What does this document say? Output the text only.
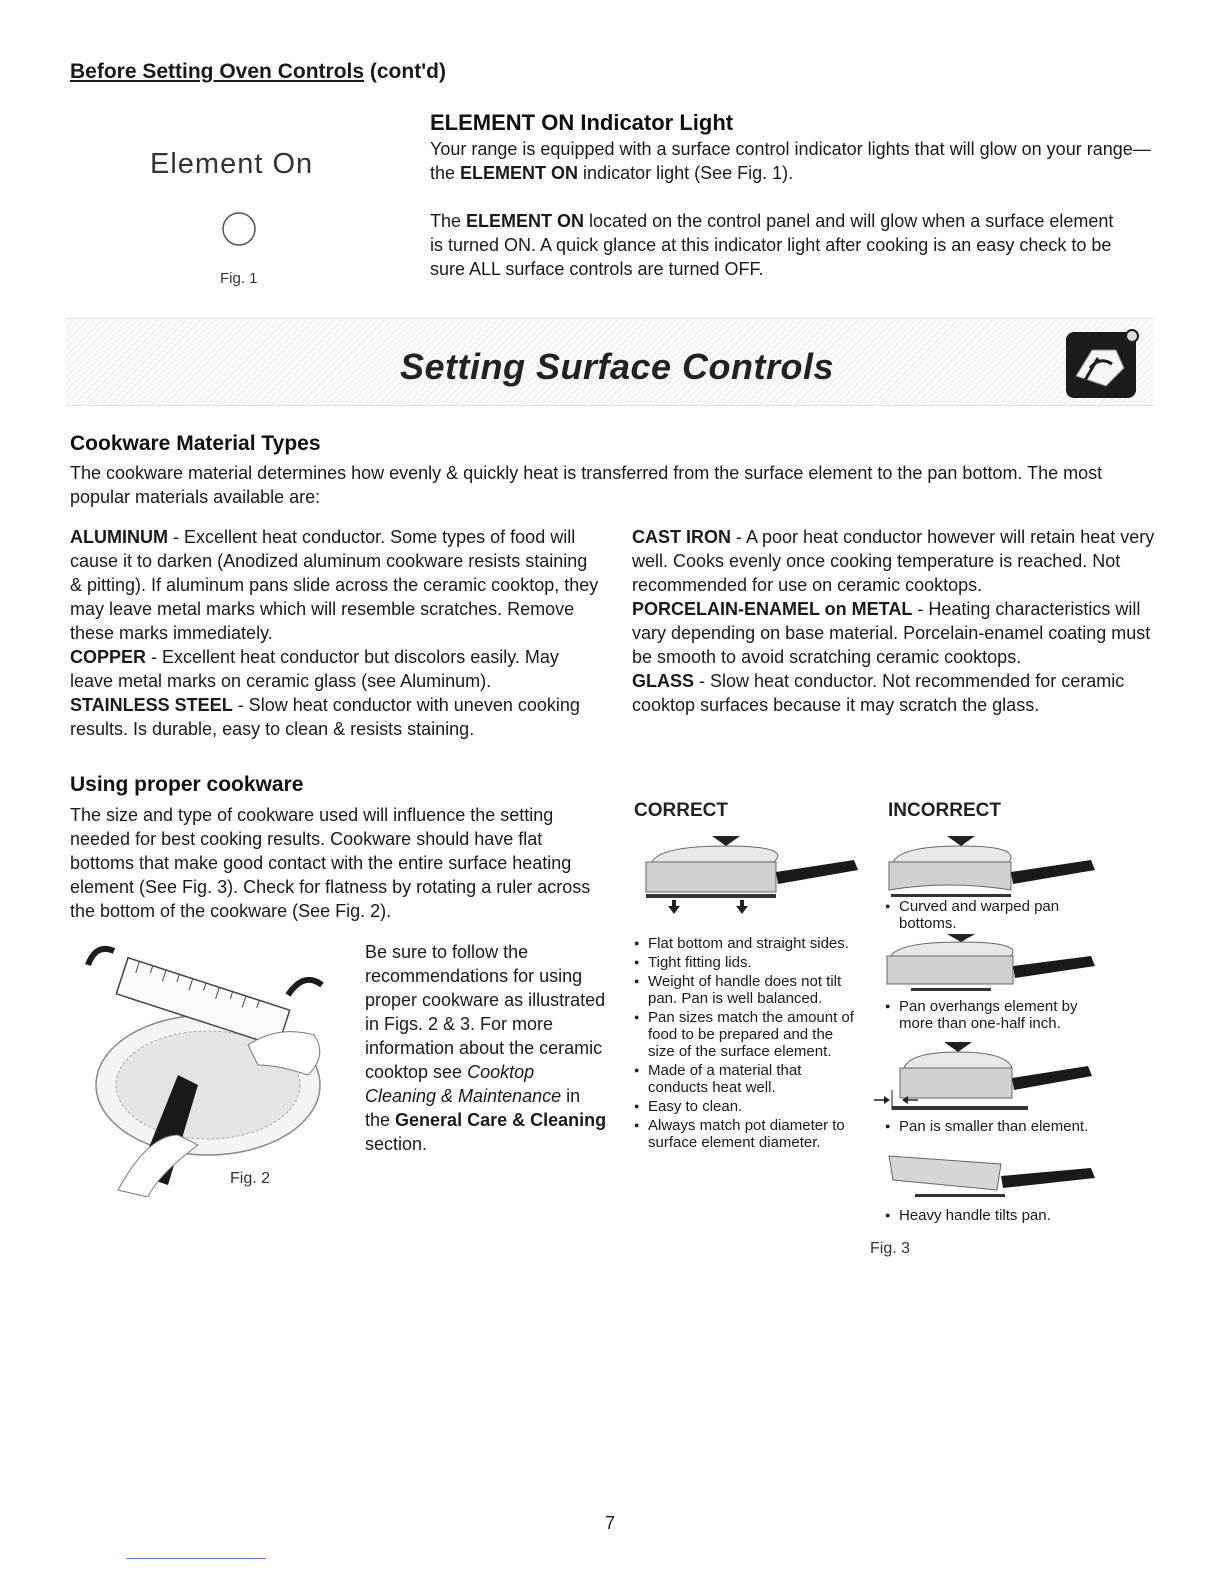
Before Setting Oven Controls (cont'd)
Element On
Fig. 1
ELEMENT ON Indicator Light
Your range is equipped with a surface control indicator lights that will glow on your range— the ELEMENT ON indicator light (See Fig. 1).
The ELEMENT ON located on the control panel and will glow when a surface element is turned ON. A quick glance at this indicator light after cooking is an easy check to be sure ALL surface controls are turned OFF.
Setting Surface Controls
Cookware Material Types
The cookware material determines how evenly & quickly heat is transferred from the surface element to the pan bottom. The most popular materials available are:
ALUMINUM - Excellent heat conductor. Some types of food will cause it to darken (Anodized aluminum cookware resists staining & pitting). If aluminum pans slide across the ceramic cooktop, they may leave metal marks which will resemble scratches. Remove these marks immediately.
COPPER - Excellent heat conductor but discolors easily. May leave metal marks on ceramic glass (see Aluminum).
STAINLESS STEEL - Slow heat conductor with uneven cooking results. Is durable, easy to clean & resists staining.
CAST IRON - A poor heat conductor however will retain heat very well. Cooks evenly once cooking temperature is reached. Not recommended for use on ceramic cooktops.
PORCELAIN-ENAMEL on METAL - Heating characteristics will vary depending on base material. Porcelain-enamel coating must be smooth to avoid scratching ceramic cooktops.
GLASS - Slow heat conductor. Not recommended for ceramic cooktop surfaces because it may scratch the glass.
Using proper cookware
The size and type of cookware used will influence the setting needed for best cooking results. Cookware should have flat bottoms that make good contact with the entire surface heating element (See Fig. 3). Check for flatness by rotating a ruler across the bottom of the cookware (See Fig. 2).
Fig. 2
Be sure to follow the recommendations for using proper cookware as illustrated in Figs. 2 & 3. For more information about the ceramic cooktop see Cooktop Cleaning & Maintenance in the General Care & Cleaning section.
CORRECT	INCORRECT
● Flat bottom and straight sides.
● Tight fitting lids.
● Weight of handle does not tilt pan. Pan is well balanced.
● Pan sizes match the amount of food to be prepared and the size of the surface element.
● Made of a material that conducts heat well.
● Easy to clean.
● Always match pot diameter to surface element diameter.
● Curved and warped pan bottoms.
● Pan overhangs element by more than one-half inch.
● Pan is smaller than element.
● Heavy handle tilts pan.
Fig. 3
7
